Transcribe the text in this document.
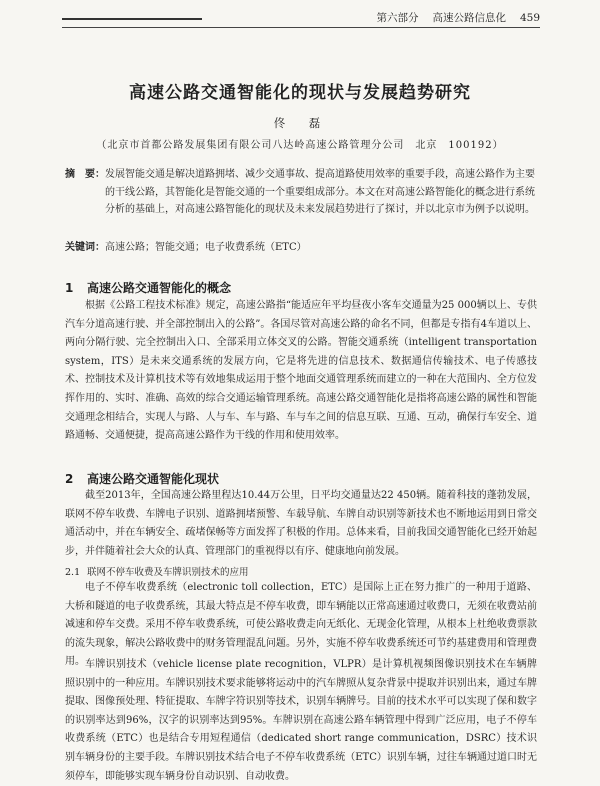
第六部分 高速公路信息化 459
高速公路交通智能化的现状与发展趋势研究
佟　磊
（北京市首都公路发展集团有限公司八达岭高速公路管理分公司　北京　100192）
摘　要： 发展智能交通是解决道路拥堵、减少交通事故、提高道路使用效率的重要手段，高速公路作为主要的干线公路，其智能化是智能交通的一个重要组成部分。本文在对高速公路智能化的概念进行系统分析的基础上，对高速公路智能化的现状及未来发展趋势进行了探讨，并以北京市为例予以说明。
关键词：高速公路；智能交通；电子收费系统（ETC）
1 高速公路交通智能化的概念

根据《公路工程技术标准》规定，高速公路指“能适应年平均昼夜小客车交通量为25 000辆以上、专供汽车分道高速行驶、并全部控制出入的公路”。各国尽管对高速公路的命名不同，但都是专指有4车道以上、两向分隔行驶、完全控制出入口、全部采用立体交叉的公路。智能交通系统（intelligent transportation system，ITS）是未来交通系统的发展方向，它是将先进的信息技术、数据通信传输技术、电子传感技术、控制技术及计算机技术等有效地集成运用于整个地面交通管理系统而建立的一种在大范围内、全方位发挥作用的、实时、准确、高效的综合交通运输管理系统。高速公路交通智能化是指将高速公路的属性和智能交通理念相结合，实现人与路、人与车、车与路、车与车之间的信息互联、互通、互动，确保行车安全、道路通畅、交通便捷，提高高速公路作为干线的作用和使用效率。

2 高速公路交通智能化现状

截至2013年，全国高速公路里程达10.44万公里，日平均交通量达22 450辆。随着科技的蓬勃发展，联网不停车收费、车牌电子识别、道路拥堵预警、车载导航、车牌自动识别等新技术也不断地运用到日常交通活动中，并在车辆安全、疏堵保畅等方面发挥了积极的作用。总体来看，目前我国交通智能化已经开始起步，并伴随着社会大众的认真、管理部门的重视得以有序、健康地向前发展。

2.1 联网不停车收费及车牌识别技术的应用

电子不停车收费系统（electronic toll collection，ETC）是国际上正在努力推广的一种用于道路、大桥和隧道的电子收费系统，其最大特点是不停车收费，即车辆能以正常高速通过收费口，无须在收费站前减速和停车交费。采用不停车收费系统，可使公路收费走向无纸化、无现金化管理，从根本上杜绝收费票款的流失现象，解决公路收费中的财务管理混乱问题。另外，实施不停车收费系统还可节约基建费用和管理费用。 车牌识别技术（vehicle license plate recognition，VLPR）是计算机视频图像识别技术在车辆牌照识别中的一种应用。车牌识别技术要求能够将运动中的汽车牌照从复杂背景中提取并识别出来，通过车牌提取、图像预处理、特征提取、车牌字符识别等技术，识别车辆牌号。目前的技术水平可以实现了保和数字的识别率达到96%，汉字的识别率达到95%。车牌识别在高速公路车辆管理中得到广泛应用，电子不停车收费系统（ETC）也是结合专用短程通信（dedicated short range communication，DSRC）技术识别车辆身份的主要手段。车牌识别技术结合电子不停车收费系统（ETC）识别车辆，过往车辆通过道口时无须停车，即能够实现车辆身份自动识别、自动收费。
